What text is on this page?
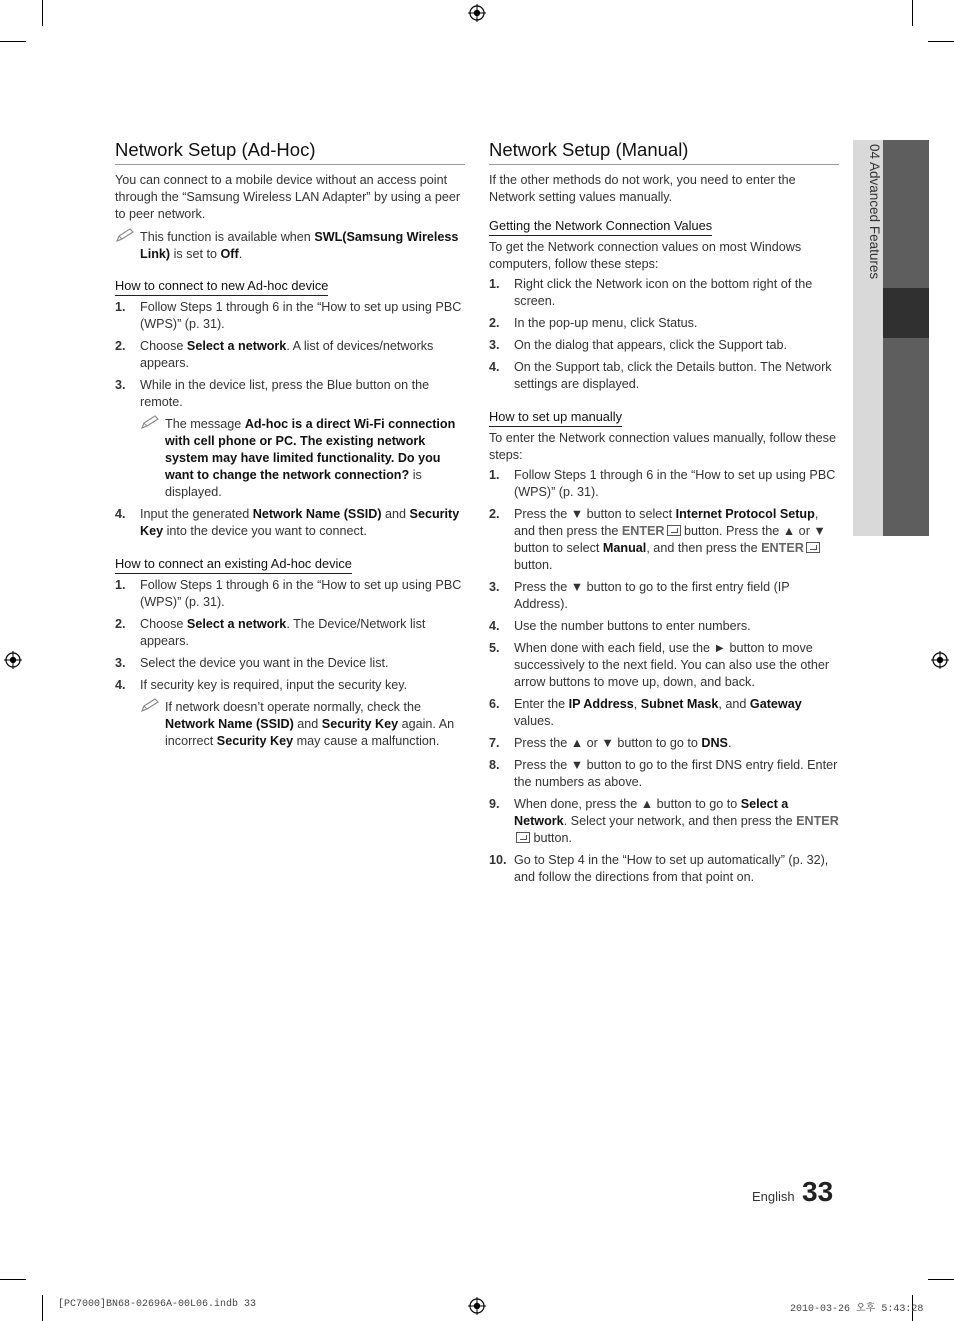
04 Advanced Features
Network Setup (Ad-Hoc)

You can connect to a mobile device without an access point through the “Samsung Wireless LAN Adapter” by using a peer to peer network.

This function is available when SWL(Samsung Wireless Link) is set to Off.
How to connect to new Ad-hoc device
1. Follow Steps 1 through 6 in the “How to set up using PBC (WPS)” (p. 31).
2. Choose Select a network. A list of devices/networks appears.
3. While in the device list, press the Blue button on the remote.
The message Ad-hoc is a direct Wi-Fi connection with cell phone or PC. The existing network system may have limited functionality. Do you want to change the network connection? is displayed.
4. Input the generated Network Name (SSID) and Security Key into the device you want to connect.
How to connect an existing Ad-hoc device
1. Follow Steps 1 through 6 in the “How to set up using PBC (WPS)” (p. 31).
2. Choose Select a network. The Device/Network list appears.
3. Select the device you want in the Device list.
4. If security key is required, input the security key.
If network doesn’t operate normally, check the Network Name (SSID) and Security Key again. An incorrect Security Key may cause a malfunction.
Network Setup (Manual)

If the other methods do not work, you need to enter the Network setting values manually.

Getting the Network Connection Values

To get the Network connection values on most Windows computers, follow these steps:

1. Right click the Network icon on the bottom right of the screen.
2. In the pop-up menu, click Status.
3. On the dialog that appears, click the Support tab.
4. On the Support tab, click the Details button. The Network settings are displayed.
How to set up manually

To enter the Network connection values manually, follow these steps:

1. Follow Steps 1 through 6 in the “How to set up using PBC (WPS)” (p. 31).
2. Press the ▼ button to select Internet Protocol Setup, and then press the ENTER button. Press the ▲ or ▼ button to select Manual, and then press the ENTER button.
3. Press the ▼ button to go to the first entry field (IP Address).
4. Use the number buttons to enter numbers.
5. When done with each field, use the ► button to move successively to the next field. You can also use the other arrow buttons to move up, down, and back.
6. Enter the IP Address, Subnet Mask, and Gateway values.
7. Press the ▲ or ▼ button to go to DNS.
8. Press the ▼ button to go to the first DNS entry field. Enter the numbers as above.
9. When done, press the ▲ button to go to Select a Network. Select your network, and then press the ENTER button.
10. Go to Step 4 in the “How to set up automatically” (p. 32), and follow the directions from that point on.
English 33
[PC7000]BN68-02696A-00L06.indb 33	2010-03-26 오후 5:43:28
